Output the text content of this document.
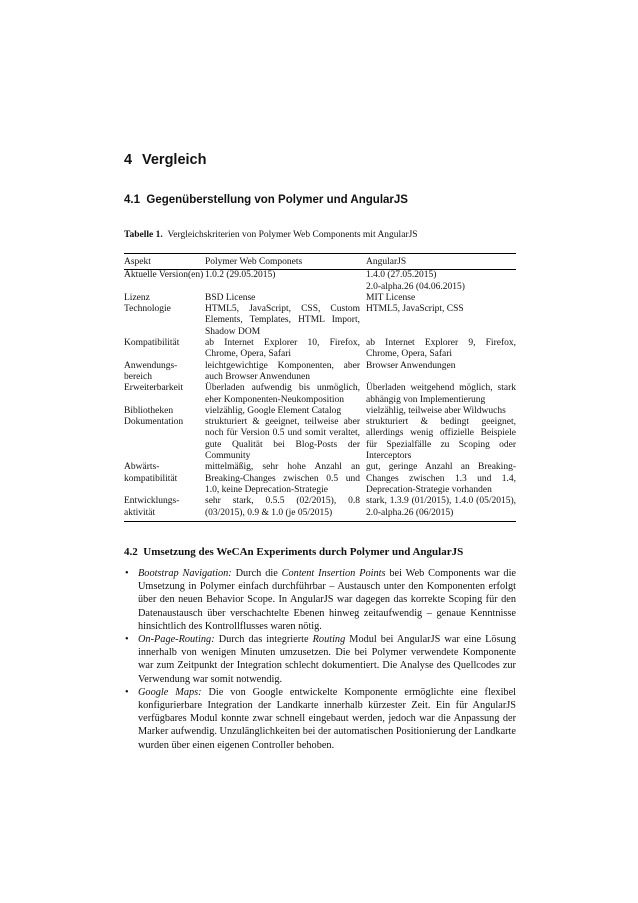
4 Vergleich
4.1 Gegenüberstellung von Polymer und AngularJS
Tabelle 1. Vergleichskriterien von Polymer Web Components mit AngularJS
Aspekt	Polymer Web Componets	AngularJS
Aktuelle Version(en)	1.0.2 (29.05.2015)	1.4.0 (27.05.2015)
2.0-alpha.26 (04.06.2015)
Lizenz	BSD License	MIT License
Technologie	HTML5, JavaScript, CSS, Custom Elements, Templates, HTML Import, Shadow DOM	HTML5, JavaScript, CSS
Kompatibilität	ab Internet Explorer 10, Firefox, Chrome, Opera, Safari	ab Internet Explorer 9, Firefox, Chrome, Opera, Safari
Anwendungs-
bereich	leichtgewichtige Komponenten, aber auch Browser Anwendunen	Browser Anwendungen
Erweiterbarkeit	Überladen aufwendig bis unmöglich, eher Komponenten-Neukomposition	Überladen weitgehend möglich, stark abhängig von Implementierung
Bibliotheken	vielzählig, Google Element Catalog	vielzählig, teilweise aber Wildwuchs
Dokumentation	strukturiert & geeignet, teilweise aber noch für Version 0.5 und somit veraltet, gute Qualität bei Blog-Posts der Community	strukturiert & bedingt geeignet, allerdings wenig offizielle Beispiele für Spezialfälle zu Scoping oder Interceptors
Abwärts-
kompatibilität	mittelmäßig, sehr hohe Anzahl an Breaking-Changes zwischen 0.5 und 1.0, keine Deprecation-Strategie	gut, geringe Anzahl an Breaking-Changes zwischen 1.3 und 1.4, Deprecation-Strategie vorhanden
Entwicklungs-
aktivität	sehr stark, 0.5.5 (02/2015), 0.8 (03/2015), 0.9 & 1.0 (je 05/2015)	stark, 1.3.9 (01/2015), 1.4.0 (05/2015), 2.0-alpha.26 (06/2015)
4.2 Umsetzung des WeCAn Experiments durch Polymer und AngularJS
• Bootstrap Navigation: Durch die Content Insertion Points bei Web Components war die Umsetzung in Polymer einfach durchführbar – Austausch unter den Komponenten erfolgt über den neuen Behavior Scope. In AngularJS war dagegen das korrekte Scoping für den Datenaustausch über verschachtelte Ebenen hinweg zeitaufwendig – genaue Kenntnisse hinsichtlich des Kontrollflusses waren nötig.
• On-Page-Routing: Durch das integrierte Routing Modul bei AngularJS war eine Lösung innerhalb von wenigen Minuten umzusetzen. Die bei Polymer verwendete Komponente war zum Zeitpunkt der Integration schlecht dokumentiert. Die Analyse des Quellcodes zur Verwendung war somit notwendig.
• Google Maps: Die von Google entwickelte Komponente ermöglichte eine flexibel konfigurierbare Integration der Landkarte innerhalb kürzester Zeit. Ein für AngularJS verfügbares Modul konnte zwar schnell eingebaut werden, jedoch war die Anpassung der Marker aufwendig. Unzulänglichkeiten bei der automatischen Positionierung der Landkarte wurden über einen eigenen Controller behoben.
